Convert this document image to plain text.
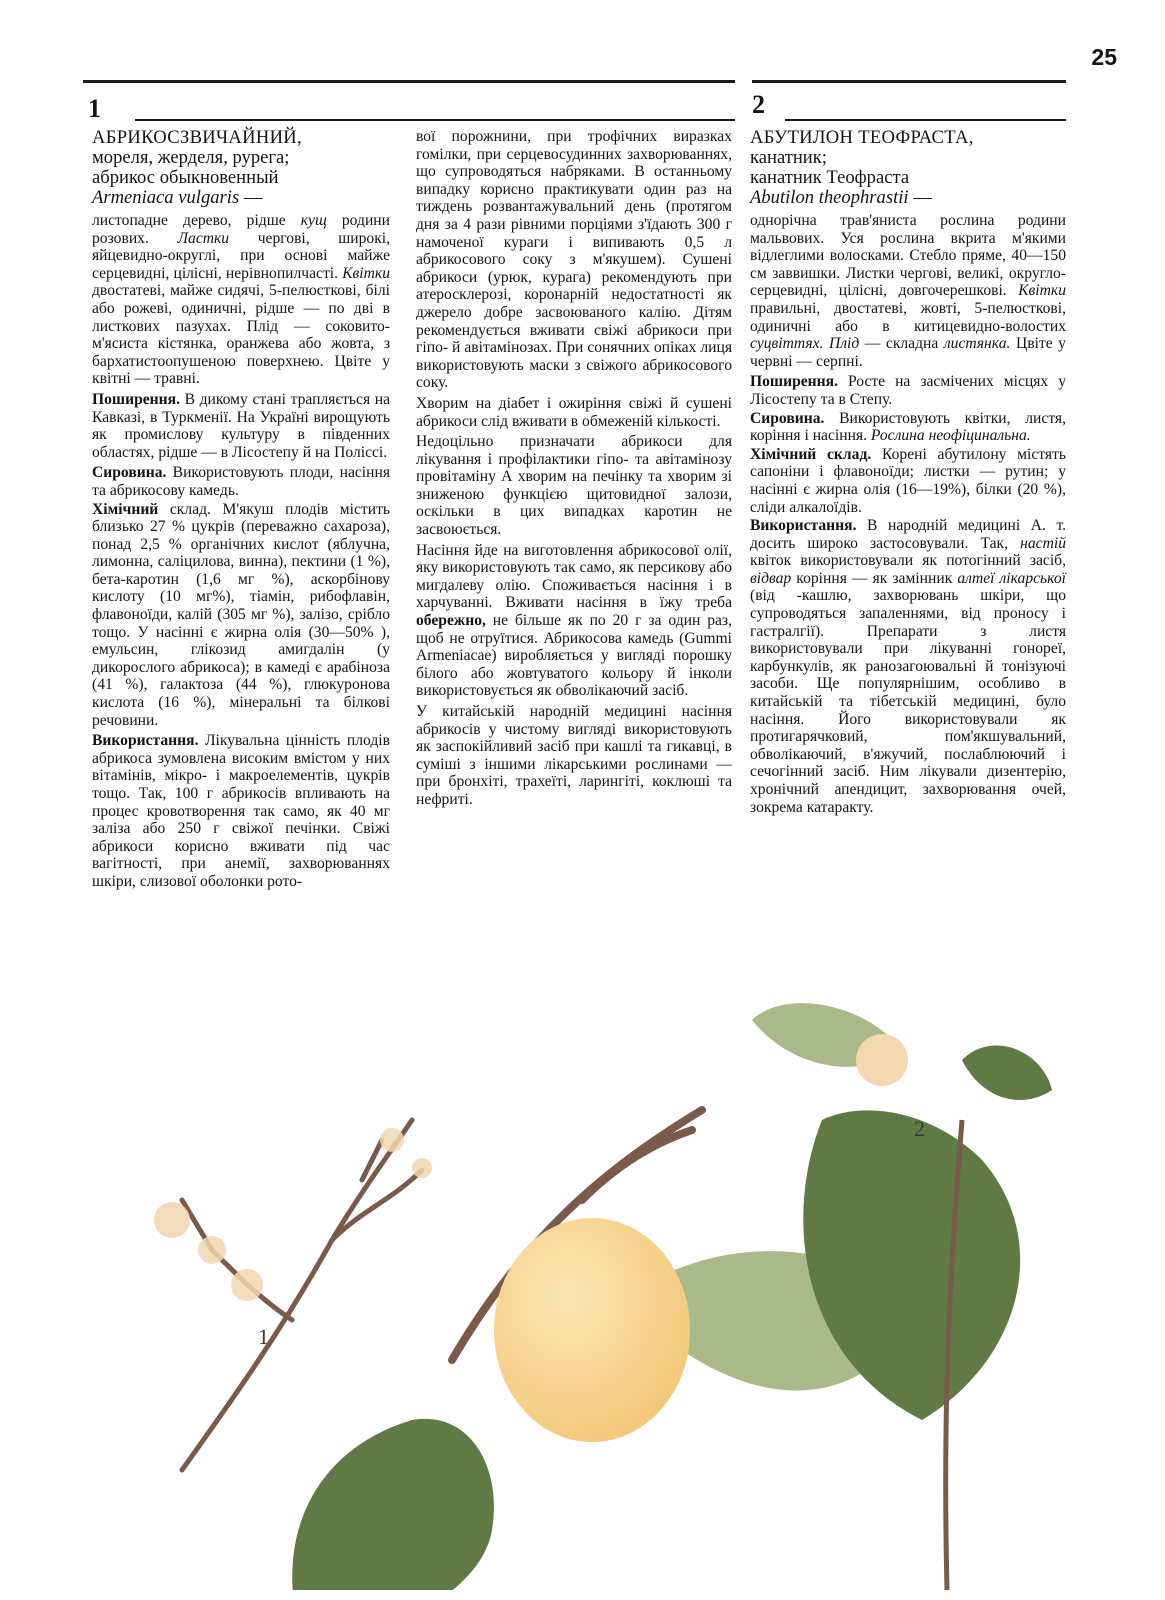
25
1	2
АБРИКОСЗВИЧАЙНИЙ,
мореля, жерделя, рурега;
абрикос обыкновенный
Armeniaca vulgaris —

листопадне дерево, рідше кущ родини розових. Ластки чергові, широкі, яйцевидно-округлі, при основі майже серцевидні, цілісні, нерівнопилчасті. Квітки двостатеві, майже сидячі, 5-пелюсткові, білі або рожеві, одиничні, рідше — по дві в листкових пазухах. Плід — соковито-м'ясиста кістянка, оранжева або жовта, з бархатистоопушеною поверхнею. Цвіте у квітні — травні.

Поширення. В дикому стані трапляється на Кавказі, в Туркменії. На Україні вирощують як промислову культуру в південних областях, рідше — в Лісостепу й на Поліссі.

Сировина. Використовують плоди, насіння та абрикосову камедь.

Хімічний склад. М'якуш плодів містить близько 27 % цукрів (переважно сахароза), понад 2,5 % органічних кислот (яблучна, лимонна, саліцилова, винна), пектини (1 %), бета-каротин (1,6 мг %), аскорбінову кислоту (10 мг%), тіамін, рибофлавін, флавоноїди, калій (305 мг %), залізо, срібло тощо. У насінні є жирна олія (30—50% ), емульсин, глікозид амигдалін (у дикорослого абрикоса); в камеді є арабіноза (41 %), галактоза (44 %), глюкуронова кислота (16 %), мінеральні та білкові речовини.

Використання. Лікувальна цінність плодів абрикоса зумовлена високим вмістом у них вітамінів, мікро- і макроелементів, цукрів тощо. Так, 100 г абрикосів впливають на процес кровотворення так само, як 40 мг заліза або 250 г свіжої печінки. Свіжі абрикоси корисно вживати під час вагітності, при анемії, захворюваннях шкіри, слизової оболонки рото-

вої порожнини, при трофічних виразках гомілки, при серцевосудинних захворюваннях, що супроводяться набряками. В останньому випадку корисно практикувати один раз на тиждень розвантажувальний день (протягом дня за 4 рази рівними порціями з'їдають 300 г намоченої кураги і випивають 0,5 л абрикосового соку з м'якушем). Сушені абрикоси (урюк, курага) рекомендують при атеросклерозі, коронарній недостатності як джерело добре засвоюваного калію. Дітям рекомендується вживати свіжі абрикоси при гіпо- й авітамінозах. При сонячних опіках лиця використовують маски з свіжого абрикосового соку.

Хворим на діабет і ожиріння свіжі й сушені абрикоси слід вживати в обмеженій кількості.

Недоцільно призначати абрикоси для лікування і профілактики гіпо- та авітамінозу провітаміну А хворим на печінку та хворим зі зниженою функцією щитовидної залози, оскільки в цих випадках каротин не засвоюється.

Насіння йде на виготовлення абрикосової олії, яку використовують так само, як персикову або мигдалеву олію. Споживається насіння і в харчуванні. Вживати насіння в їжу треба обережно, не більше як по 20 г за один раз, щоб не отруїтися. Абрикосова камедь (Gummi Armeniacae) виробляється у вигляді порошку білого або жовтуватого кольору й інколи використовується як обволікаючий засіб.

У китайській народній медицині насіння абрикосів у чистому вигляді використовують як заспокійливий засіб при кашлі та гикавці, в суміші з іншими лікарськими рослинами — при бронхіті, трахеїті, ларингіті, коклюші та нефриті.

АБУТИЛОН ТЕОФРАСТА,
канатник;
канатник Теофраста
Abutilon theophrastii —

однорічна трав'яниста рослина родини мальвових. Уся рослина вкрита м'якими відлеглими волосками. Стебло пряме, 40—150 см заввишки. Листки чергові, великі, округло-серцевидні, цілісні, довгочерешкові. Квітки правильні, двостатеві, жовті, 5-пелюсткові, одиничні або в китицевидно-волостих суцвіттях. Плід — складна листянка. Цвіте у червні — серпні.

Поширення. Росте на засмічених місцях у Лісостепу та в Степу.

Сировина. Використовують квітки, листя, коріння і насіння. Рослина неофіцинальна.

Хімічний склад. Корені абутилону містять сапоніни і флавоноїди; листки — рутин; у насінні є жирна олія (16—19%), білки (20 %), сліди алкалоїдів.

Використання. В народній медицині А. т. досить широко застосовували. Так, настій квіток використовували як потогінний засіб, відвар коріння — як замінник алтеї лікарської (від -кашлю, захворювань шкіри, що супроводяться запаленнями, від проносу і гастралгії). Препарати з листя використовували при лікуванні гонореї, карбункулів, як ранозагоювальні й тонізуючі засоби. Ще популярнішим, особливо в китайській та тібетській медицині, було насіння. Його використовували як протигарячковий, пом'якшувальний, обволікаючий, в'яжучий, послаблюючий і сечогінний засіб. Ним лікували дизентерію, хронічний апендицит, захворювання очей, зокрема катаракту.

1
2
